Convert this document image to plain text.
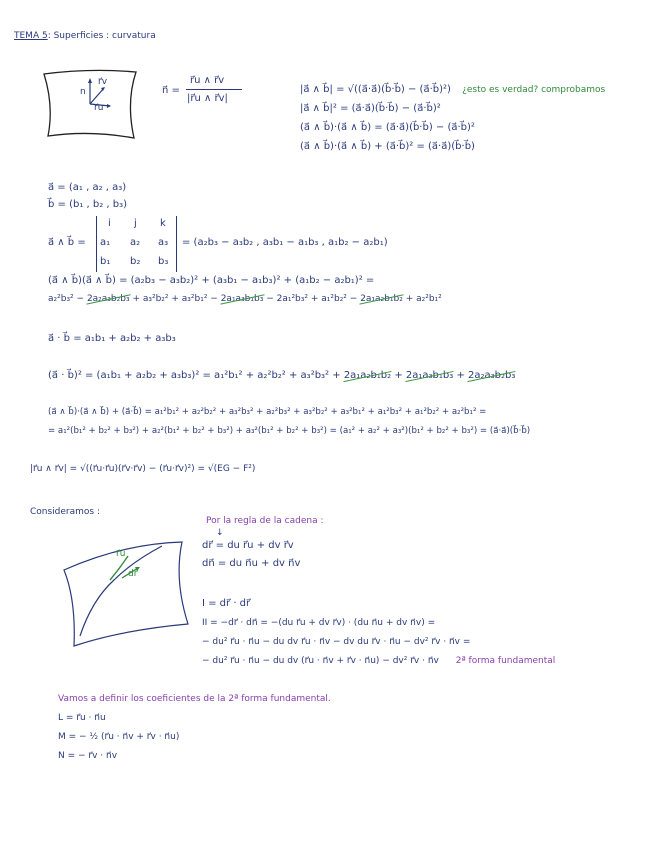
TEMA 5: Superficies : curvatura
n
r⃗v
r⃗u
n⃗ =
r⃗u ∧ r⃗v
|r⃗u ∧ r⃗v|
|a⃗ ∧ b⃗| = √((a⃗·a⃗)(b⃗·b⃗) − (a⃗·b⃗)²) ¿esto es verdad? comprobamos
|a⃗ ∧ b⃗|² = (a⃗·a⃗)(b⃗·b⃗) − (a⃗·b⃗)²
(a⃗ ∧ b⃗)·(a⃗ ∧ b⃗) = (a⃗·a⃗)(b⃗·b⃗) − (a⃗·b⃗)²
(a⃗ ∧ b⃗)·(a⃗ ∧ b⃗) + (a⃗·b⃗)² = (a⃗·a⃗)(b⃗·b⃗)
a⃗ = (a₁ , a₂ , a₃)
b⃗ = (b₁ , b₂ , b₃)
a⃗ ∧ b⃗ =
i j k
a₁ a₂ a₃
b₁ b₂ b₃
= (a₂b₃ − a₃b₂ , a₃b₁ − a₁b₃ , a₁b₂ − a₂b₁)
(a⃗ ∧ b⃗)(a⃗ ∧ b⃗) = (a₂b₃ − a₃b₂)² + (a₃b₁ − a₁b₃)² + (a₁b₂ − a₂b₁)² =
a₂²b₃² − 2a₂a₃b₂b₃ + a₃²b₂² + a₃²b₁² − 2a₁a₃b₁b₃ − 2a₁²b₃² + a₁²b₂² − 2a₁a₂b₁b₂ + a₂²b₁²
a⃗ · b⃗ = a₁b₁ + a₂b₂ + a₃b₃
(a⃗ · b⃗)² = (a₁b₁ + a₂b₂ + a₃b₃)² = a₁²b₁² + a₂²b₂² + a₃²b₃² + 2a₁a₂b₁b₂ + 2a₁a₃b₁b₃ + 2a₂a₃b₂b₃
(a⃗ ∧ b⃗)·(a⃗ ∧ b⃗) + (a⃗·b⃗) = a₁²b₁² + a₂²b₂² + a₃²b₃² + a₂²b₃² + a₃²b₂² + a₃²b₁² + a₁²b₃² + a₁²b₂² + a₂²b₁² =
= a₁²(b₁² + b₂² + b₃²) + a₂²(b₁² + b₂² + b₃²) + a₃²(b₁² + b₂² + b₃²) = (a₁² + a₂² + a₃²)(b₁² + b₂² + b₃²) = (a⃗·a⃗)(b⃗·b⃗)
|r⃗u ∧ r⃗v| = √((r⃗u·r⃗u)(r⃗v·r⃗v) − (r⃗u·r⃗v)²) = √(EG − F²)
Consideramos :
r⃗u
dr⃗
Por la regla de la cadena :
↓
dr⃗ = du r⃗u + dv r⃗v
dn⃗ = du n⃗u + dv n⃗v
I = dr⃗ · dr⃗
II = −dr⃗ · dn⃗ = −(du r⃗u + dv r⃗v) · (du n⃗u + dv n⃗v) =
− du² r⃗u · n⃗u − du dv r⃗u · n⃗v − dv du r⃗v · n⃗u − dv² r⃗v · n⃗v =
− du² r⃗u · n⃗u − du dv (r⃗u · n⃗v + r⃗v · n⃗u) − dv² r⃗v · n⃗v 2ª forma fundamental
Vamos a definir los coeficientes de la 2ª forma fundamental.
L = r⃗u · n⃗u
M = − ½ (r⃗u · n⃗v + r⃗v · n⃗u)
N = − r⃗v · n⃗v
